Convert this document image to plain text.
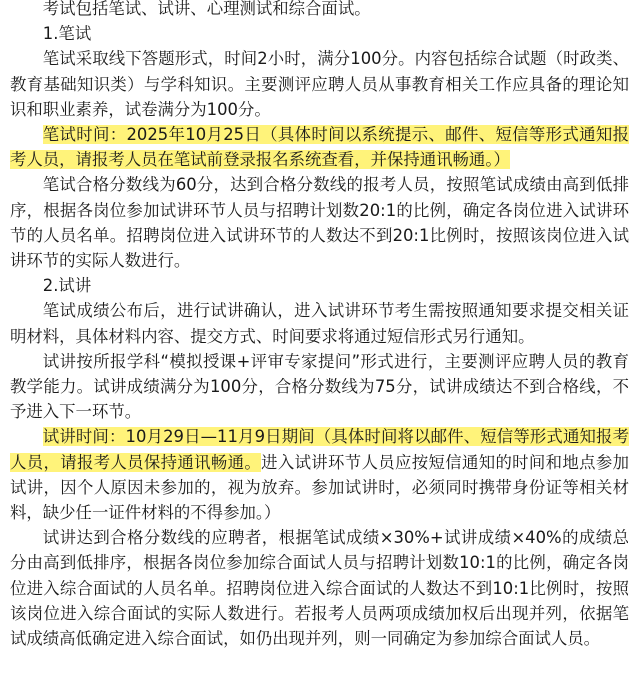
考试包括笔试、试讲、心理测试和综合面试。

1.笔试

笔试采取线下答题形式，时间2小时，满分100分。内容包括综合试题（时政类、教育基础知识类）与学科知识。主要测评应聘人员从事教育相关工作应具备的理论知识和职业素养，试卷满分为100分。

笔试时间：2025年10月25日（具体时间以系统提示、邮件、短信等形式通知报考人员，请报考人员在笔试前登录报名系统查看，并保持通讯畅通。）

笔试合格分数线为60分，达到合格分数线的报考人员，按照笔试成绩由高到低排序，根据各岗位参加试讲环节人员与招聘计划数20:1的比例，确定各岗位进入试讲环节的人员名单。招聘岗位进入试讲环节的人数达不到20:1比例时，按照该岗位进入试讲环节的实际人数进行。

2.试讲

笔试成绩公布后，进行试讲确认，进入试讲环节考生需按照通知要求提交相关证明材料，具体材料内容、提交方式、时间要求将通过短信形式另行通知。

试讲按所报学科“模拟授课+评审专家提问”形式进行，主要测评应聘人员的教育教学能力。试讲成绩满分为100分，合格分数线为75分，试讲成绩达不到合格线，不予进入下一环节。

试讲时间：10月29日—11月9日期间（具体时间将以邮件、短信等形式通知报考人员，请报考人员保持通讯畅通。进入试讲环节人员应按短信通知的时间和地点参加试讲，因个人原因未参加的，视为放弃。参加试讲时，必须同时携带身份证等相关材料，缺少任一证件材料的不得参加。）

试讲达到合格分数线的应聘者，根据笔试成绩×30%+试讲成绩×40%的成绩总分由高到低排序，根据各岗位参加综合面试人员与招聘计划数10:1的比例，确定各岗位进入综合面试的人员名单。招聘岗位进入综合面试的人数达不到10:1比例时，按照该岗位进入综合面试的实际人数进行。若报考人员两项成绩加权后出现并列，依据笔试成绩高低确定进入综合面试，如仍出现并列，则一同确定为参加综合面试人员。
